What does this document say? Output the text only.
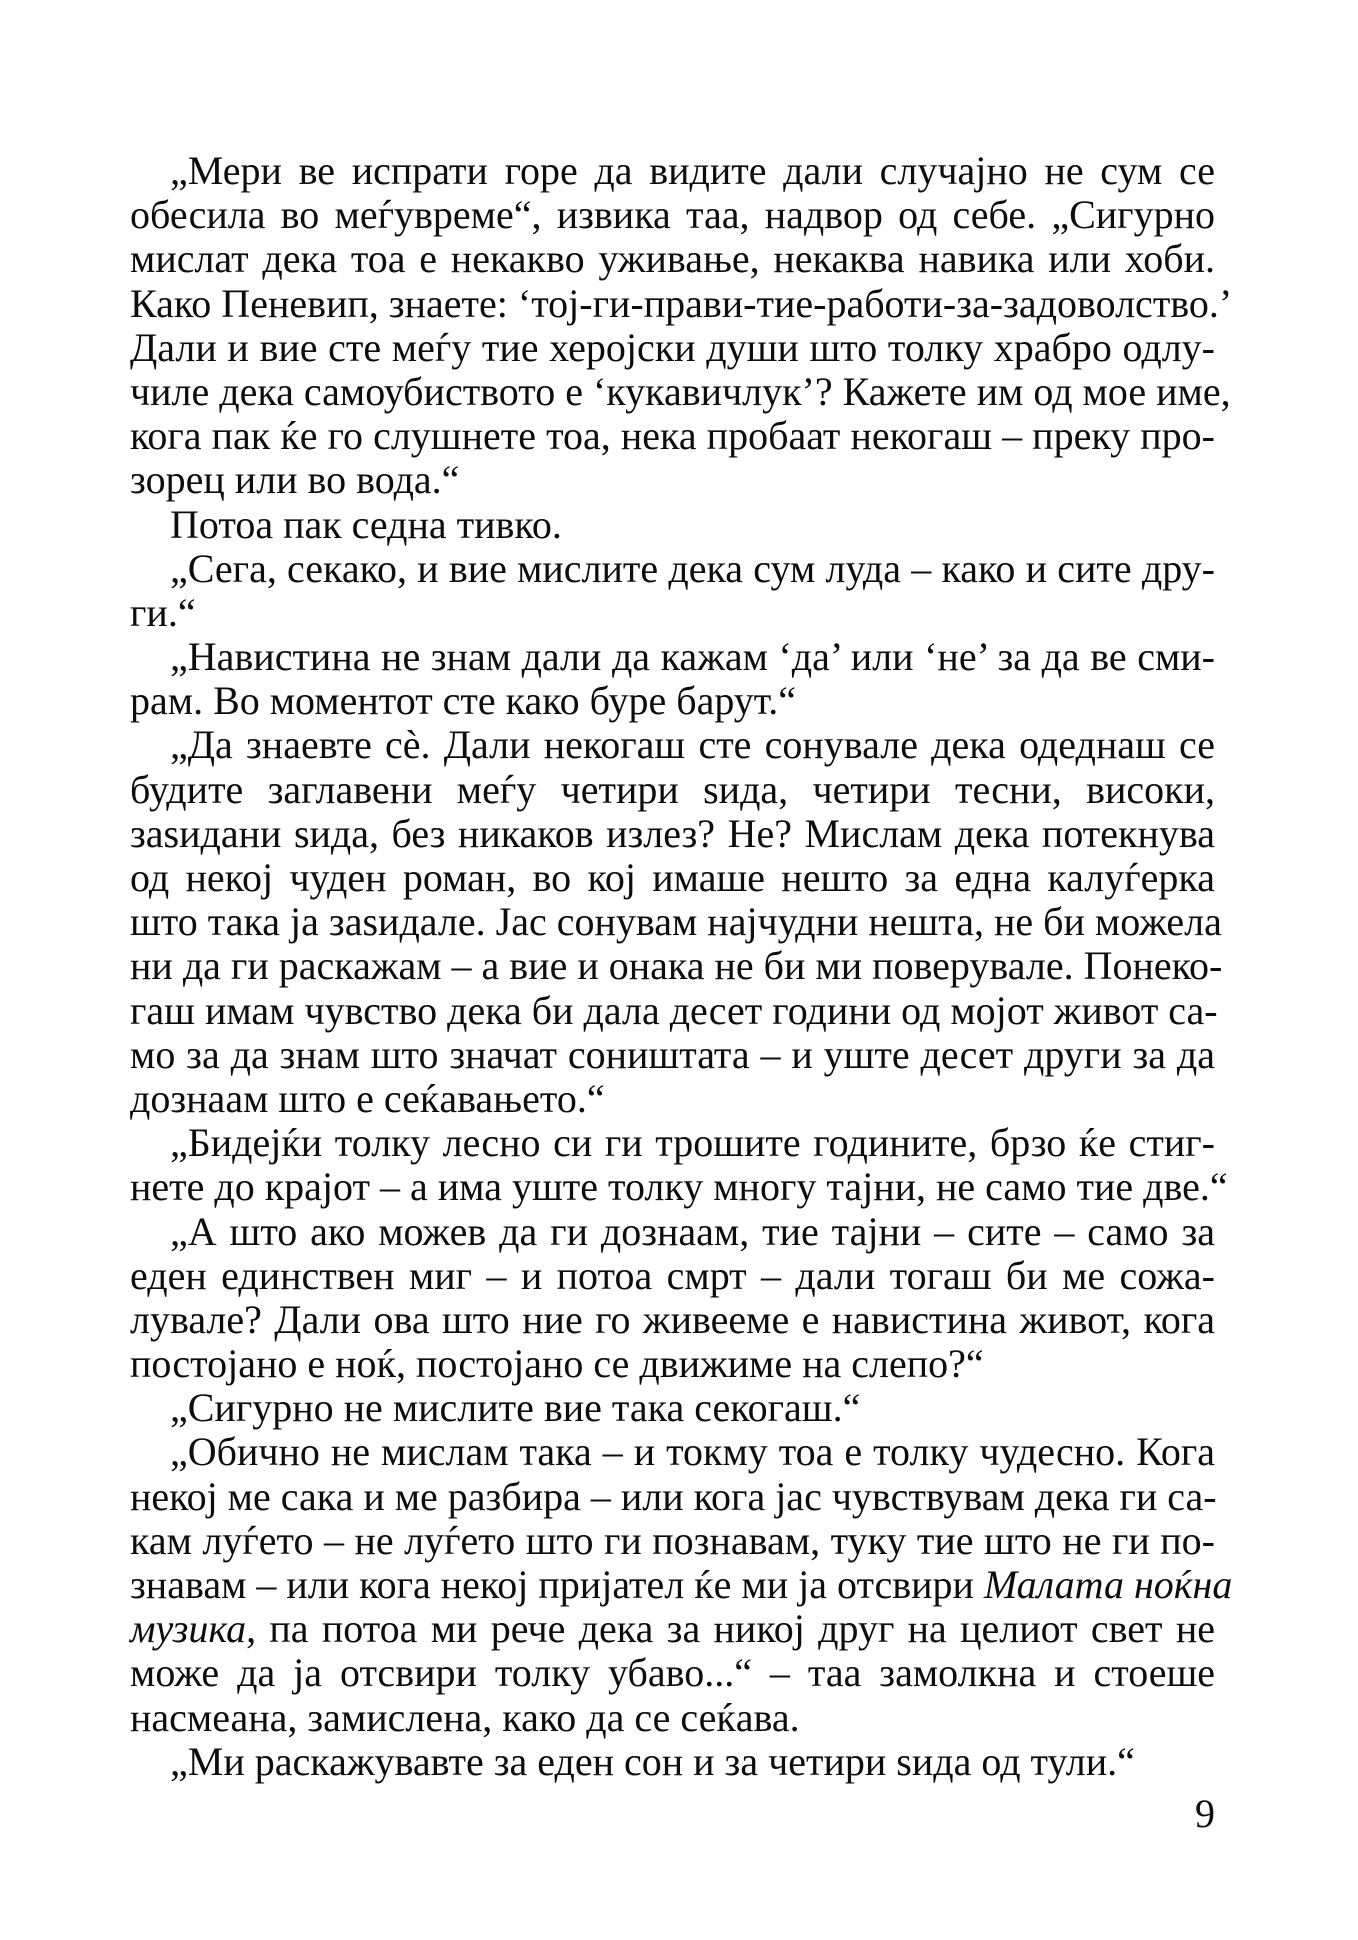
„Мери ве испрати горе да видите дали случајно не сум се
обесила во меѓувреме“, извика таа, надвор од себе. „Сигурно
мислат дека тоа е некакво уживање, некаква навика или хоби.
Како Пеневип, знаете: ‘тој-ги-прави-тие-работи-за-задоволство.’
Дали и вие сте меѓу тие херојски души што толку храбро одлу-
чиле дека самоубиството е ‘кукавичлук’? Кажете им од мое име,
кога пак ќе го слушнете тоа, нека пробаат некогаш – преку про-
зорец или во вода.“
Потоа пак седна тивко.
„Сега, секако, и вие мислите дека сум луда – како и сите дру-
ги.“
„Навистина не знам дали да кажам ‘да’ или ‘не’ за да ве сми-
рам. Во моментот сте како буре барут.“
„Да знаевте сѐ. Дали некогаш сте сонувале дека одеднаш се
будите заглавени меѓу четири ѕида, четири тесни, високи,
заѕидани ѕида, без никаков излез? Не? Мислам дека потекнува
од некој чуден роман, во кој имаше нешто за една калуѓерка
што така ја заѕидале. Јас сонувам најчудни нешта, не би можела
ни да ги раскажам – а вие и онака не би ми поверувале. Понеко-
гаш имам чувство дека би дала десет години од мојот живот са-
мо за да знам што значат соништата – и уште десет други за да
дознаам што е сеќавањето.“
„Бидејќи толку лесно си ги трошите годините, брзо ќе стиг-
нете до крајот – а има уште толку многу тајни, не само тие две.“
„А што ако можев да ги дознаам, тие тајни – сите – само за
еден единствен миг – и потоа смрт – дали тогаш би ме сожа-
лувале? Дали ова што ние го живееме е навистина живот, кога
постојано е ноќ, постојано се движиме на слепо?“
„Сигурно не мислите вие така секогаш.“
„Обично не мислам така – и токму тоа е толку чудесно. Кога
некој ме сака и ме разбира – или кога јас чувствувам дека ги са-
кам луѓето – не луѓето што ги познавам, туку тие што не ги по-
знавам – или кога некој пријател ќе ми ја отсвири Малата ноќна
музика, па потоа ми рече дека за никој друг на целиот свет не
може да ја отсвири толку убаво...“ – таа замолкна и стоеше
насмеана, замислена, како да се сеќава.
„Ми раскажувавте за еден сон и за четири ѕида од тули.“
9
